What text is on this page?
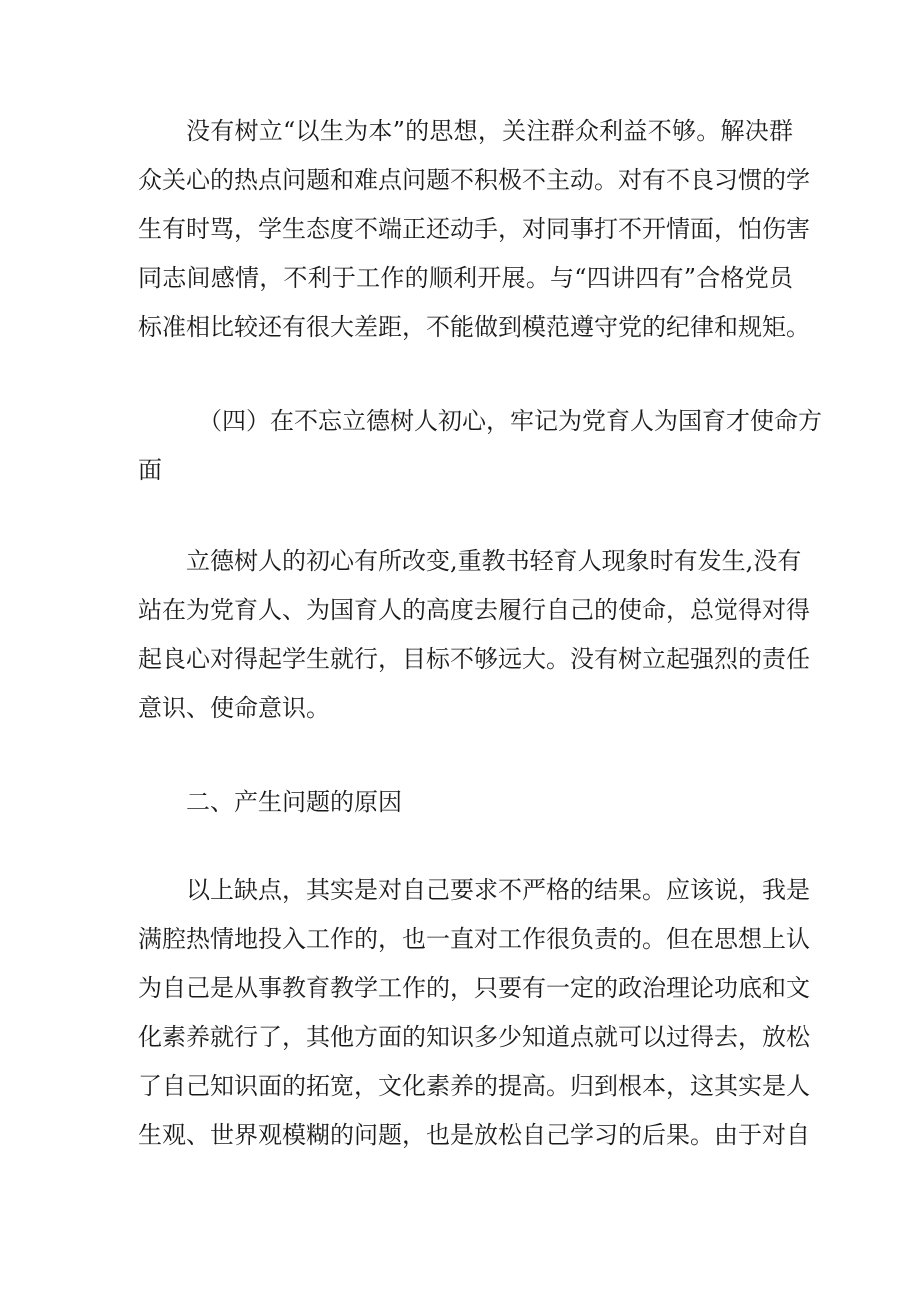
没有树立“以生为本”的思想，关注群众利益不够。解决群
众关心的热点问题和难点问题不积极不主动。对有不良习惯的学
生有时骂，学生态度不端正还动手，对同事打不开情面，怕伤害
同志间感情，不利于工作的顺利开展。与“四讲四有”合格党员
标准相比较还有很大差距，不能做到模范遵守党的纪律和规矩。

（四）在不忘立德树人初心，牢记为党育人为国育才使命方
面

立德树人的初心有所改变,重教书轻育人现象时有发生,没有
站在为党育人、为国育人的高度去履行自己的使命，总觉得对得
起良心对得起学生就行，目标不够远大。没有树立起强烈的责任
意识、使命意识。

二、产生问题的原因

以上缺点，其实是对自己要求不严格的结果。应该说，我是
满腔热情地投入工作的，也一直对工作很负责的。但在思想上认
为自己是从事教育教学工作的，只要有一定的政治理论功底和文
化素养就行了，其他方面的知识多少知道点就可以过得去，放松
了自己知识面的拓宽，文化素养的提高。归到根本，这其实是人
生观、世界观模糊的问题，也是放松自己学习的后果。由于对自
